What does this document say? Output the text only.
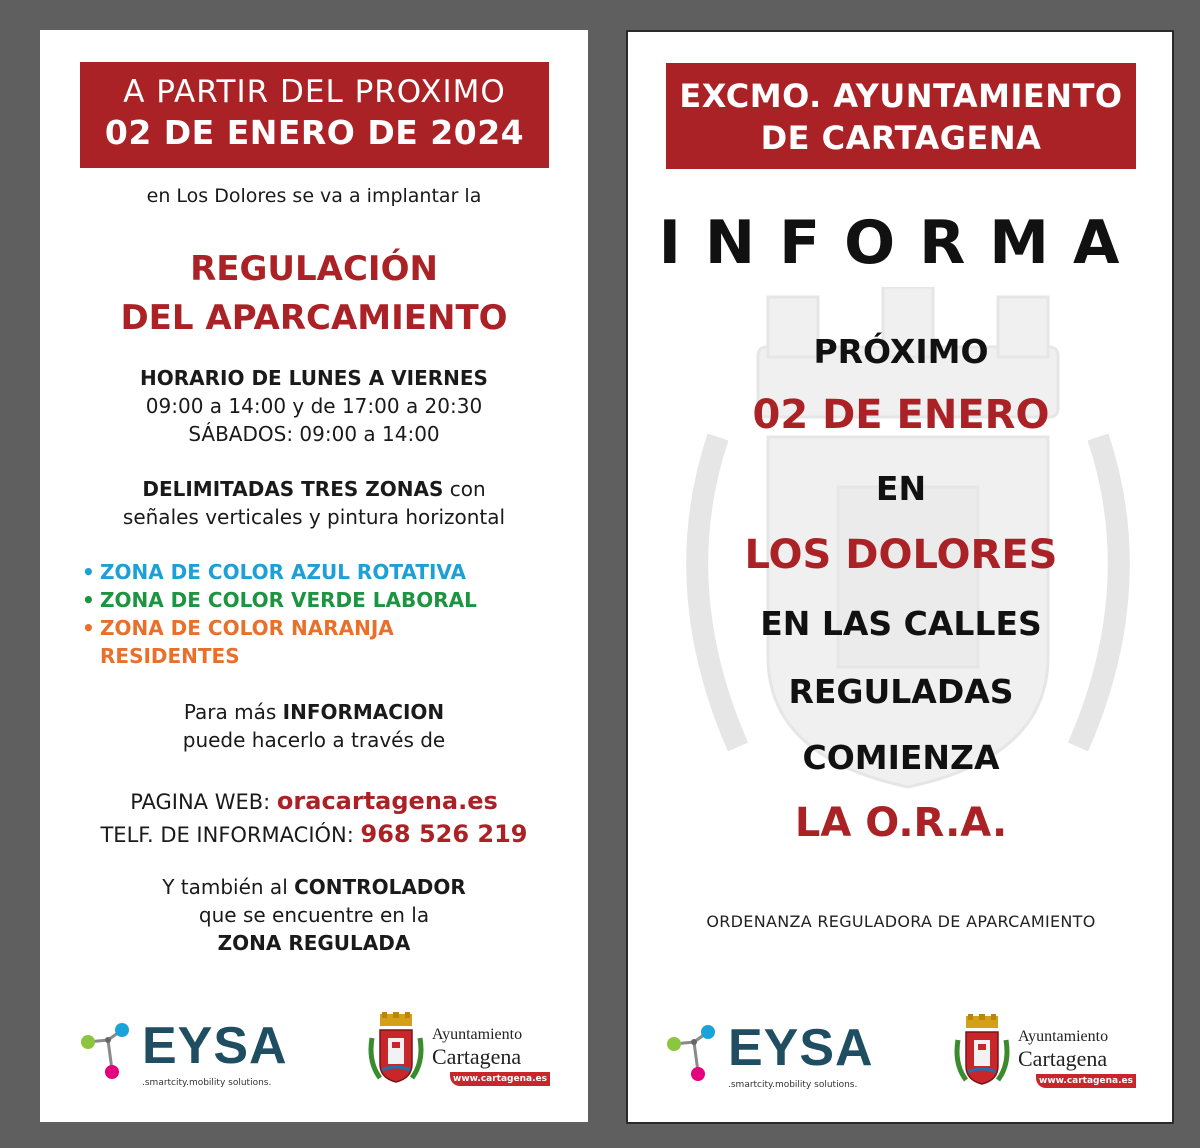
A PARTIR DEL PROXIMO
02 DE ENERO DE 2024
en Los Dolores se va a implantar la
REGULACIÓN
DEL APARCAMIENTO
HORARIO DE LUNES A VIERNES
09:00 a 14:00 y de 17:00 a 20:30
SÁBADOS: 09:00 a 14:00
DELIMITADAS TRES ZONAS con
señales verticales y pintura horizontal
• ZONA DE COLOR AZUL ROTATIVA
• ZONA DE COLOR VERDE LABORAL
• ZONA DE COLOR NARANJA RESIDENTES
Para más INFORMACION
puede hacerlo a través de
PAGINA WEB: oracartagena.es
TELF. DE INFORMACIÓN: 968 526 219
Y también al CONTROLADOR
que se encuentre en la
ZONA REGULADA
EYSA
.smartcity.mobility solutions.
Ayuntamiento
Cartagena
www.cartagena.es
EXCMO. AYUNTAMIENTO
DE CARTAGENA
INFORMA
PRÓXIMO
02 DE ENERO
EN
LOS DOLORES
EN LAS CALLES
REGULADAS
COMIENZA
LA O.R.A.
ORDENANZA REGULADORA DE APARCAMIENTO
EYSA
.smartcity.mobility solutions.
Ayuntamiento
Cartagena
www.cartagena.es
